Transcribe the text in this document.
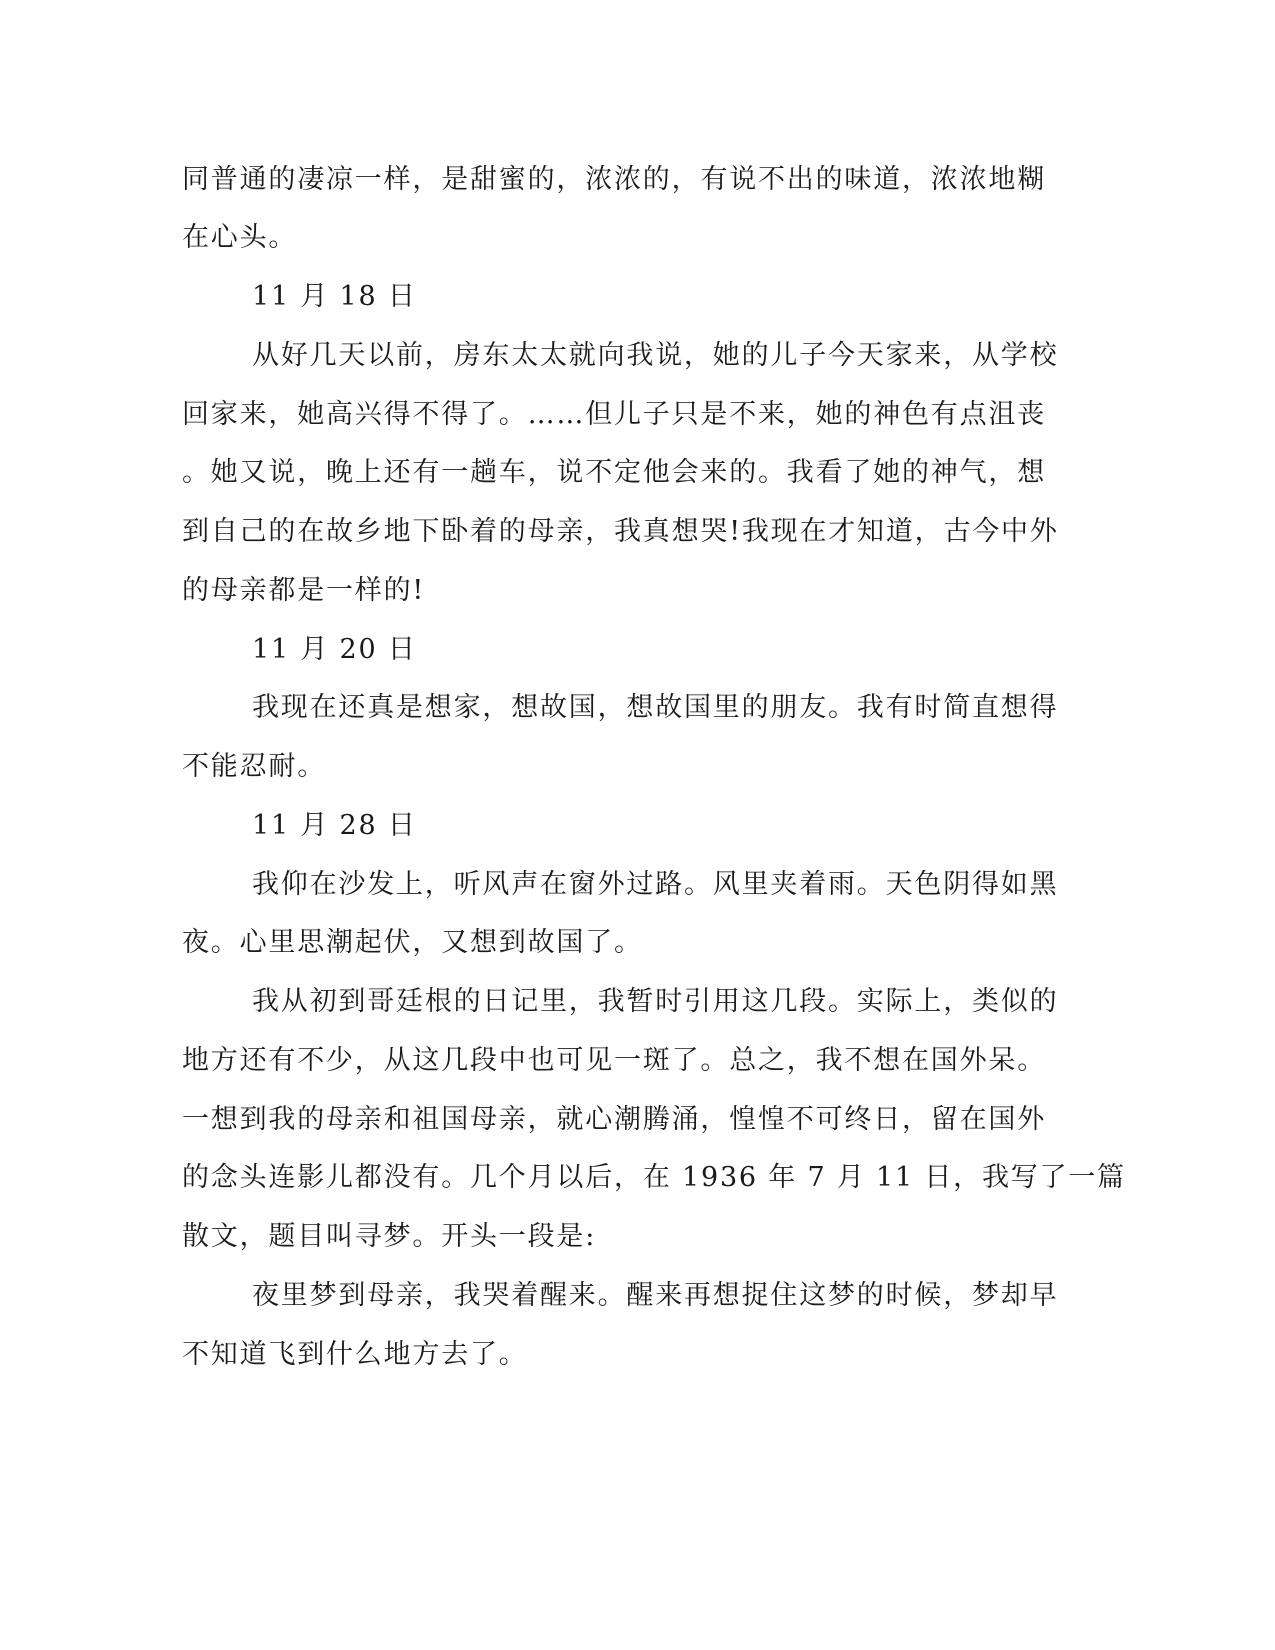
同普通的凄凉一样，是甜蜜的，浓浓的，有说不出的味道，浓浓地糊

在心头。

11 月 18 日

从好几天以前，房东太太就向我说，她的儿子今天家来，从学校

回家来，她高兴得不得了。……但儿子只是不来，她的神色有点沮丧

。她又说，晚上还有一趟车，说不定他会来的。我看了她的神气，想

到自己的在故乡地下卧着的母亲，我真想哭!我现在才知道，古今中外

的母亲都是一样的!

11 月 20 日

我现在还真是想家，想故国，想故国里的朋友。我有时简直想得

不能忍耐。

11 月 28 日

我仰在沙发上，听风声在窗外过路。风里夹着雨。天色阴得如黑

夜。心里思潮起伏，又想到故国了。

我从初到哥廷根的日记里，我暂时引用这几段。实际上，类似的

地方还有不少，从这几段中也可见一斑了。总之，我不想在国外呆。

一想到我的母亲和祖国母亲，就心潮腾涌，惶惶不可终日，留在国外

的念头连影儿都没有。几个月以后，在 1936 年 7 月 11 日，我写了一篇

散文，题目叫寻梦。开头一段是:

夜里梦到母亲，我哭着醒来。醒来再想捉住这梦的时候，梦却早

不知道飞到什么地方去了。
